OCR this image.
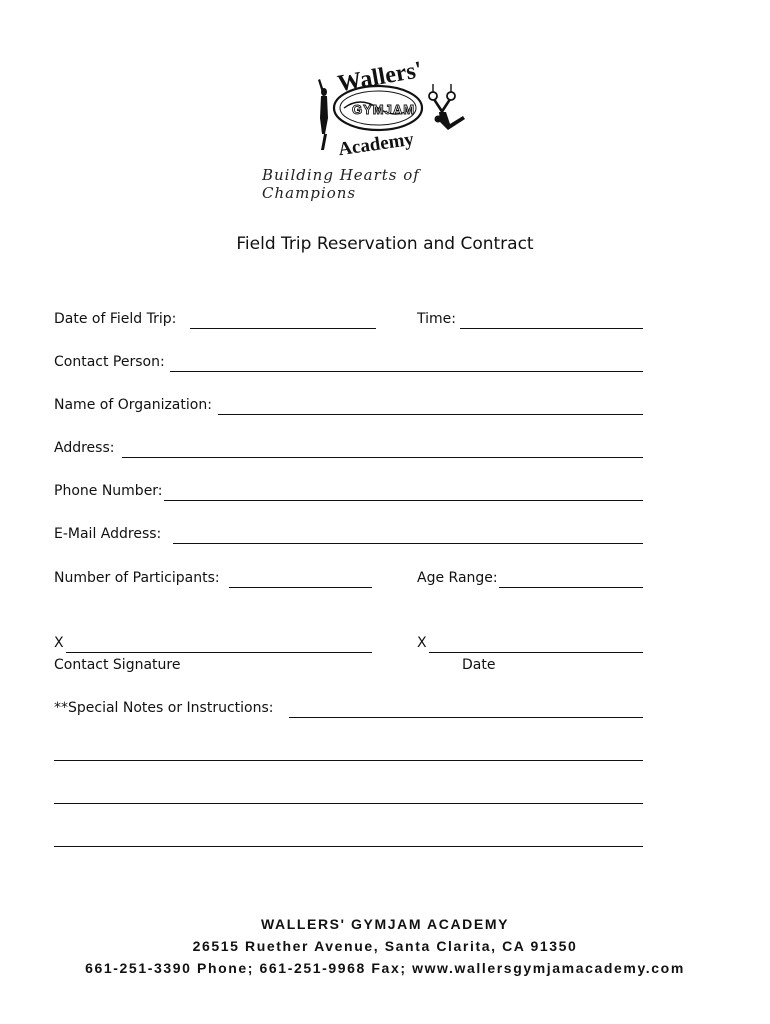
Wallers'
GYMJAM
Academy
Building Hearts of Champions
Field Trip Reservation and Contract
Date of Field Trip:	Time:
Contact Person:
Name of Organization:
Address:
Phone Number:
E-Mail Address:
Number of Participants:	Age Range:
X	X
Contact Signature	Date
**Special Notes or Instructions:
WALLERS' GYMJAM ACADEMY
26515 Ruether Avenue, Santa Clarita, CA 91350
661-251-3390 Phone; 661-251-9968 Fax; www.wallersgymjamacademy.com
